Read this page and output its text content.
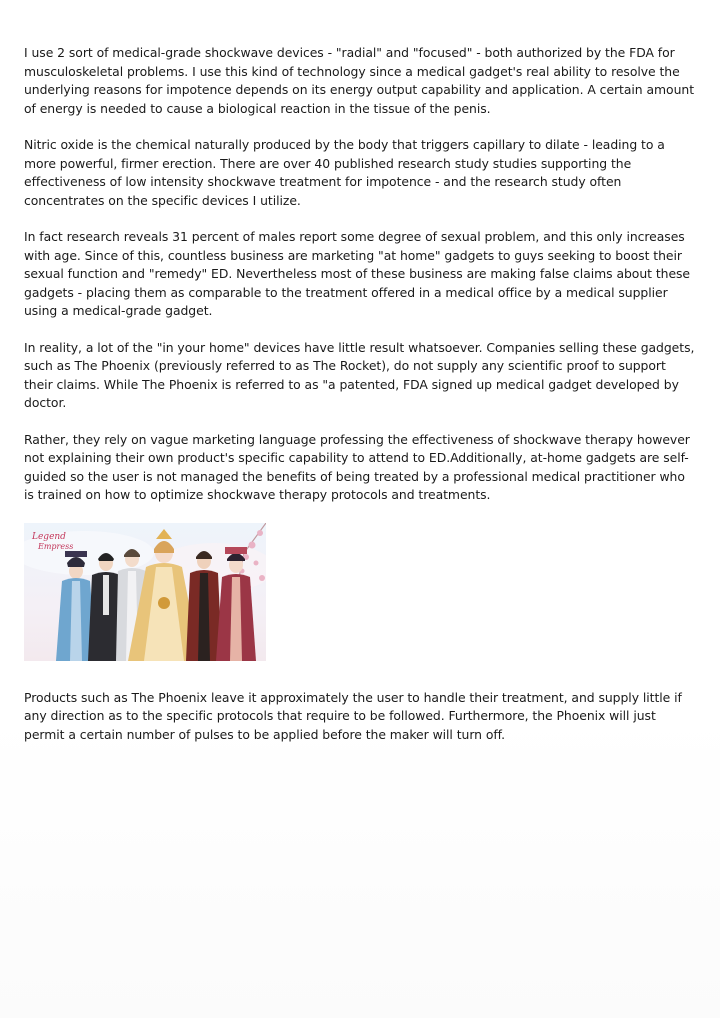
I use 2 sort of medical-grade shockwave devices - "radial" and "focused" - both authorized by the FDA for musculoskeletal problems. I use this kind of technology since a medical gadget's real ability to resolve the underlying reasons for impotence depends on its energy output capability and application. A certain amount of energy is needed to cause a biological reaction in the tissue of the penis.

Nitric oxide is the chemical naturally produced by the body that triggers capillary to dilate - leading to a more powerful, firmer erection. There are over 40 published research study studies supporting the effectiveness of low intensity shockwave treatment for impotence - and the research study often concentrates on the specific devices I utilize.

In fact research reveals 31 percent of males report some degree of sexual problem, and this only increases with age. Since of this, countless business are marketing "at home" gadgets to guys seeking to boost their sexual function and "remedy" ED. Nevertheless most of these business are making false claims about these gadgets - placing them as comparable to the treatment offered in a medical office by a medical supplier using a medical-grade gadget.

In reality, a lot of the "in your home" devices have little result whatsoever. Companies selling these gadgets, such as The Phoenix (previously referred to as The Rocket), do not supply any scientific proof to support their claims. While The Phoenix is referred to as "a patented, FDA signed up medical gadget developed by doctor.

Rather, they rely on vague marketing language professing the effectiveness of shockwave therapy however not explaining their own product's specific capability to attend to ED.Additionally, at-home gadgets are self-guided so the user is not managed the benefits of being treated by a professional medical practitioner who is trained on how to optimize shockwave therapy protocols and treatments.

Legend
Empress

Products such as The Phoenix leave it approximately the user to handle their treatment, and supply little if any direction as to the specific protocols that require to be followed. Furthermore, the Phoenix will just permit a certain number of pulses to be applied before the maker will turn off.
